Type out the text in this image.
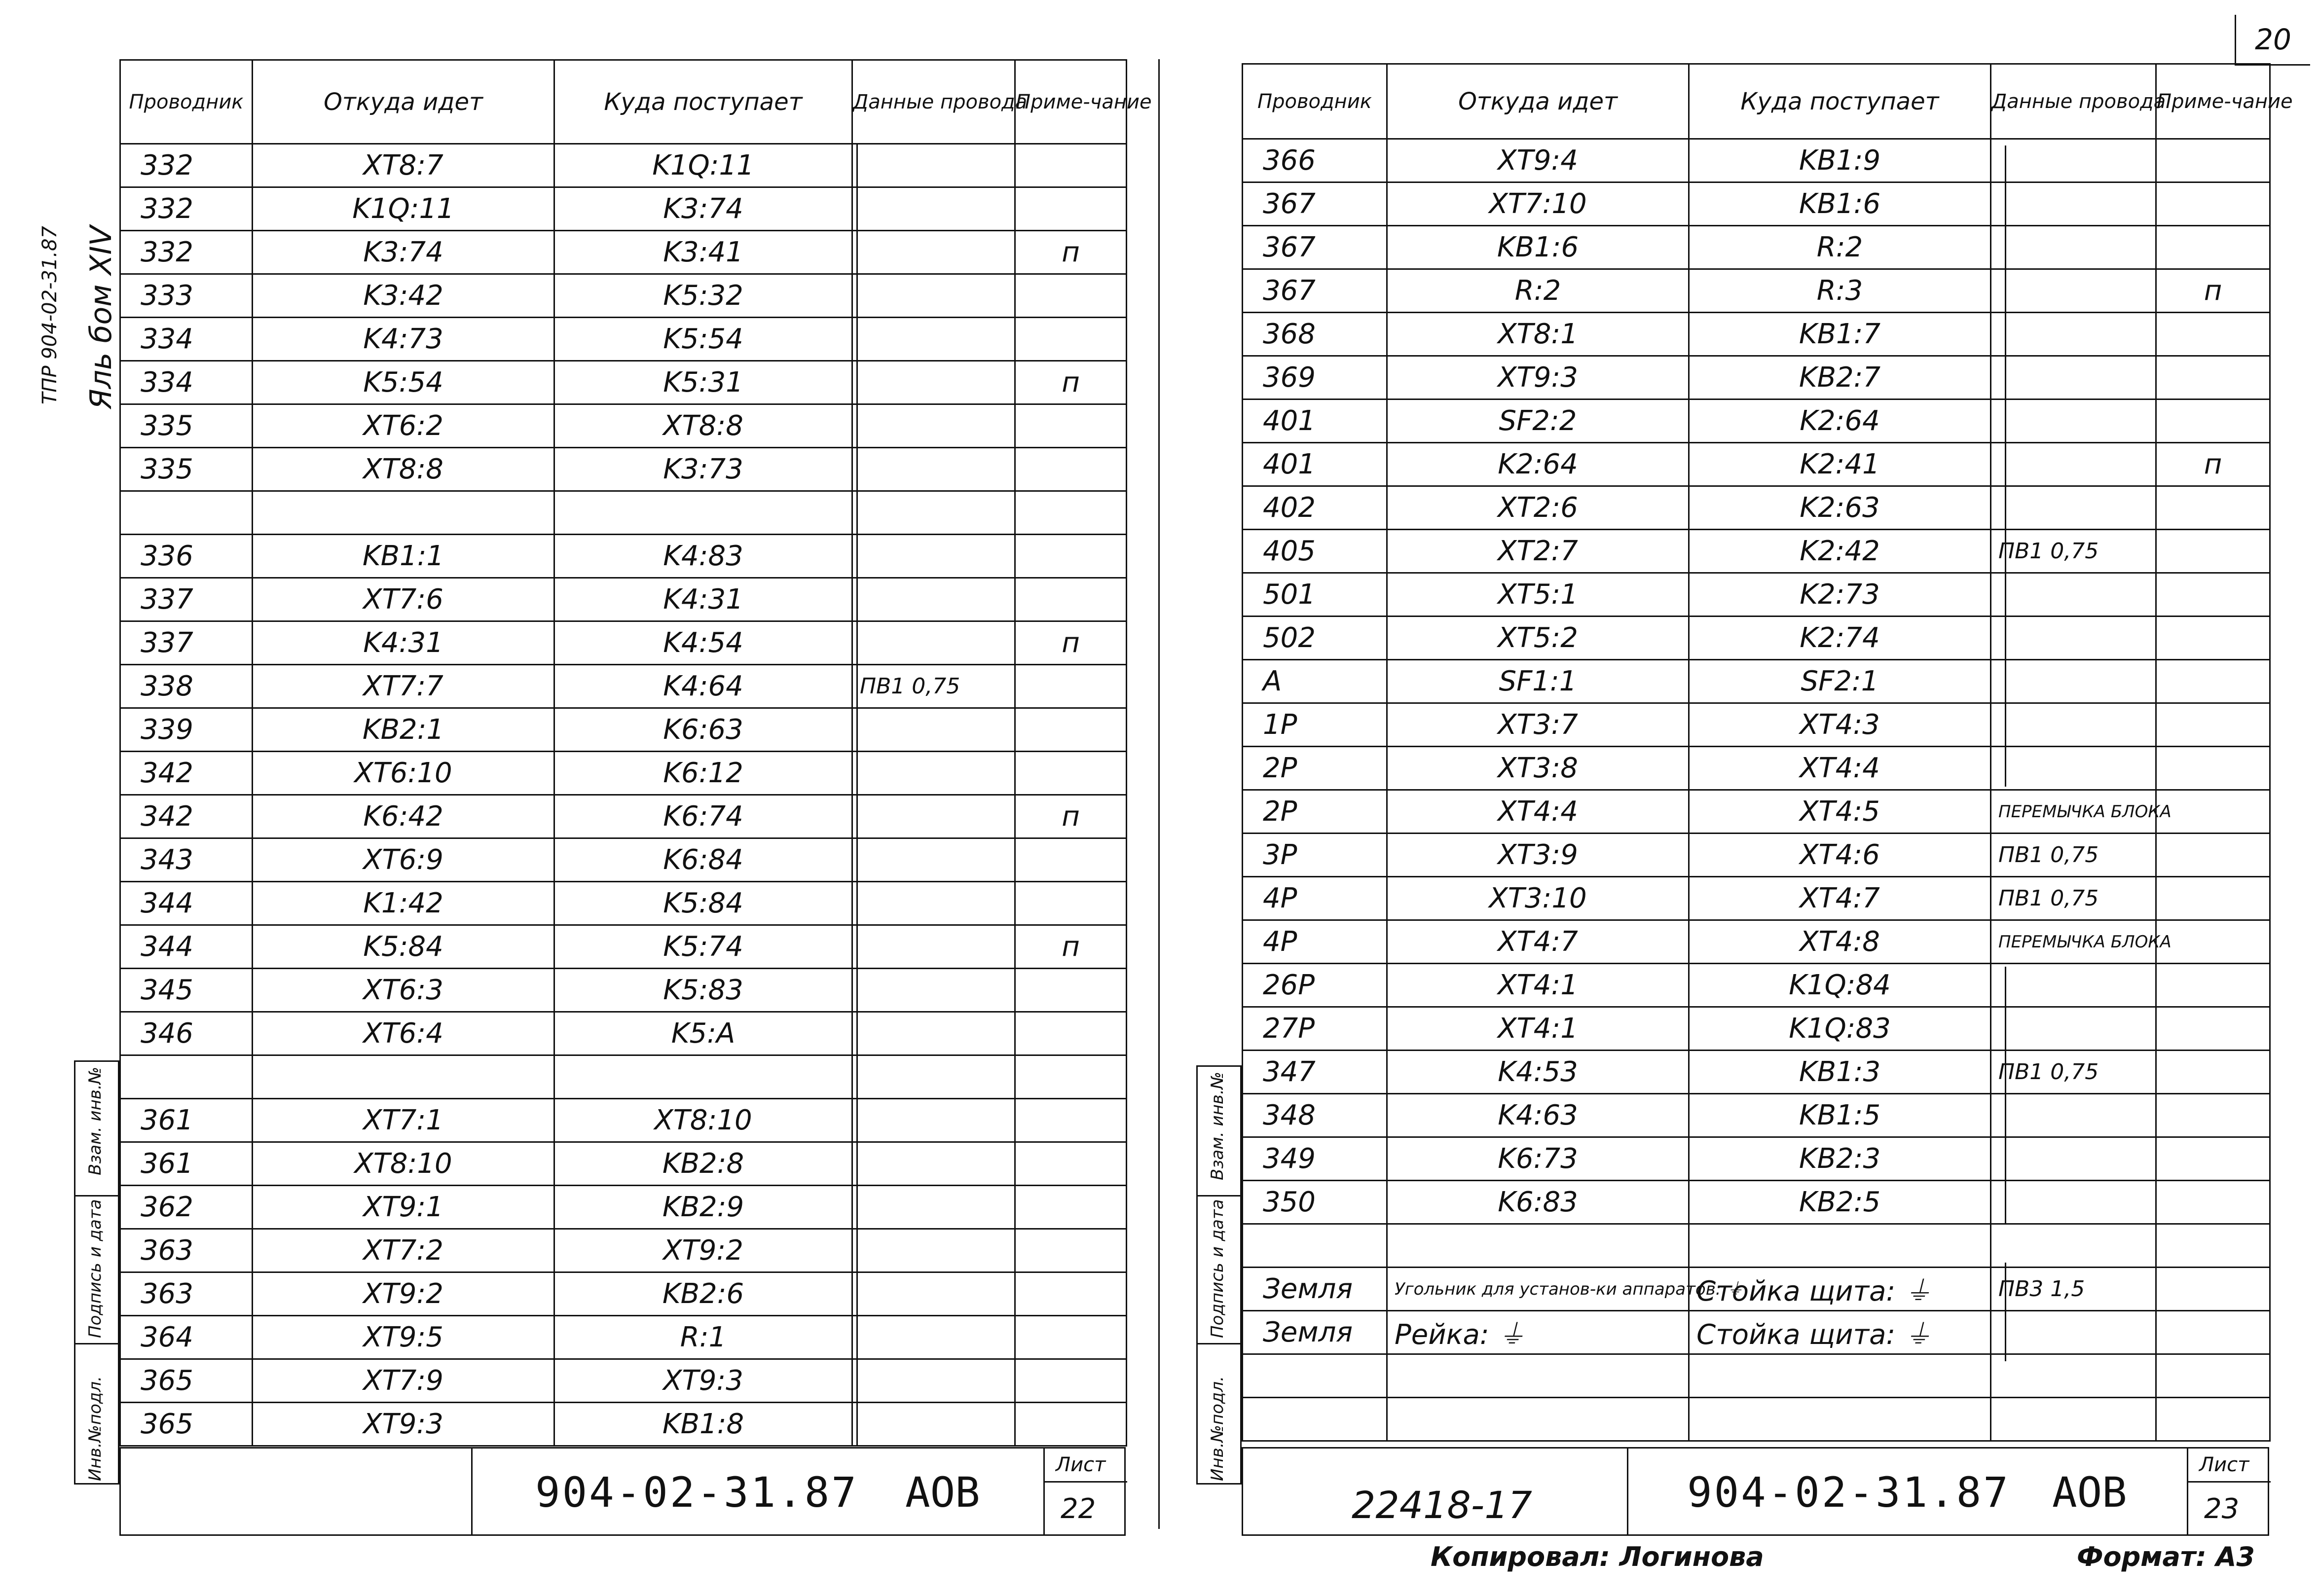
20
ТПР 904-02-31.87 Яль бом XIV
Инв.№подл.
Подпись и дата
Взам. инв.№
Инв.№подл.
Подпись и дата
Взам. инв.№
Проводник	Откуда идет	Куда поступает	Данные провода	Приме-чание
332	XT8:7	K1Q:11		
332	K1Q:11	K3:74		
332	K3:74	K3:41		п
333	K3:42	K5:32		
334	K4:73	K5:54		
334	K5:54	K5:31		п
335	XT6:2	XT8:8		
335	XT8:8	K3:73		

336	KB1:1	K4:83		
337	XT7:6	K4:31		
337	K4:31	K4:54		п
338	XT7:7	K4:64	ПВ1 0,75	
339	KB2:1	K6:63		
342	XT6:10	K6:12		
342	K6:42	K6:74		п
343	XT6:9	K6:84		
344	K1:42	K5:84		
344	K5:84	K5:74		п
345	XT6:3	K5:83		
346	XT6:4	K5:A		

361	XT7:1	XT8:10		
361	XT8:10	KB2:8		
362	XT9:1	KB2:9		
363	XT7:2	XT9:2		
363	XT9:2	KB2:6		
364	XT9:5	R:1		
365	XT7:9	XT9:3		
365	XT9:3	KB1:8		
904-02-31.87 АОВ
Лист
22
Проводник	Откуда идет	Куда поступает	Данные провода	Приме-чание
366	XT9:4	KB1:9		
367	XT7:10	KB1:6		
367	KB1:6	R:2		
367	R:2	R:3		п
368	XT8:1	KB1:7		
369	XT9:3	KB2:7		
401	SF2:2	K2:64		
401	K2:64	K2:41		п
402	XT2:6	K2:63		
405	XT2:7	K2:42	ПВ1 0,75	
501	XT5:1	K2:73		
502	XT5:2	K2:74		
A	SF1:1	SF2:1		
1P	XT3:7	XT4:3		
2P	XT3:8	XT4:4		
2P	XT4:4	XT4:5	ПЕРЕМЫЧКА БЛОКА	
3P	XT3:9	XT4:6	ПВ1 0,75	
4P	XT3:10	XT4:7	ПВ1 0,75	
4P	XT4:7	XT4:8	ПЕРЕМЫЧКА БЛОКА	
26P	XT4:1	K1Q:84		
27P	XT4:1	K1Q:83		
347	K4:53	KB1:3	ПВ1 0,75	
348	K4:63	KB1:5		
349	K6:73	KB2:3		
350	K6:83	KB2:5		

Земля	Угольник для установ-ки аппаратов: ⏚	Стойка щита: ⏚	ПВ3 1,5	
Земля	Рейка: ⏚	Стойка щита: ⏚		

22418-17	904-02-31.87 АОВ
Лист
23
Копировал: Логинова	Формат: А3
